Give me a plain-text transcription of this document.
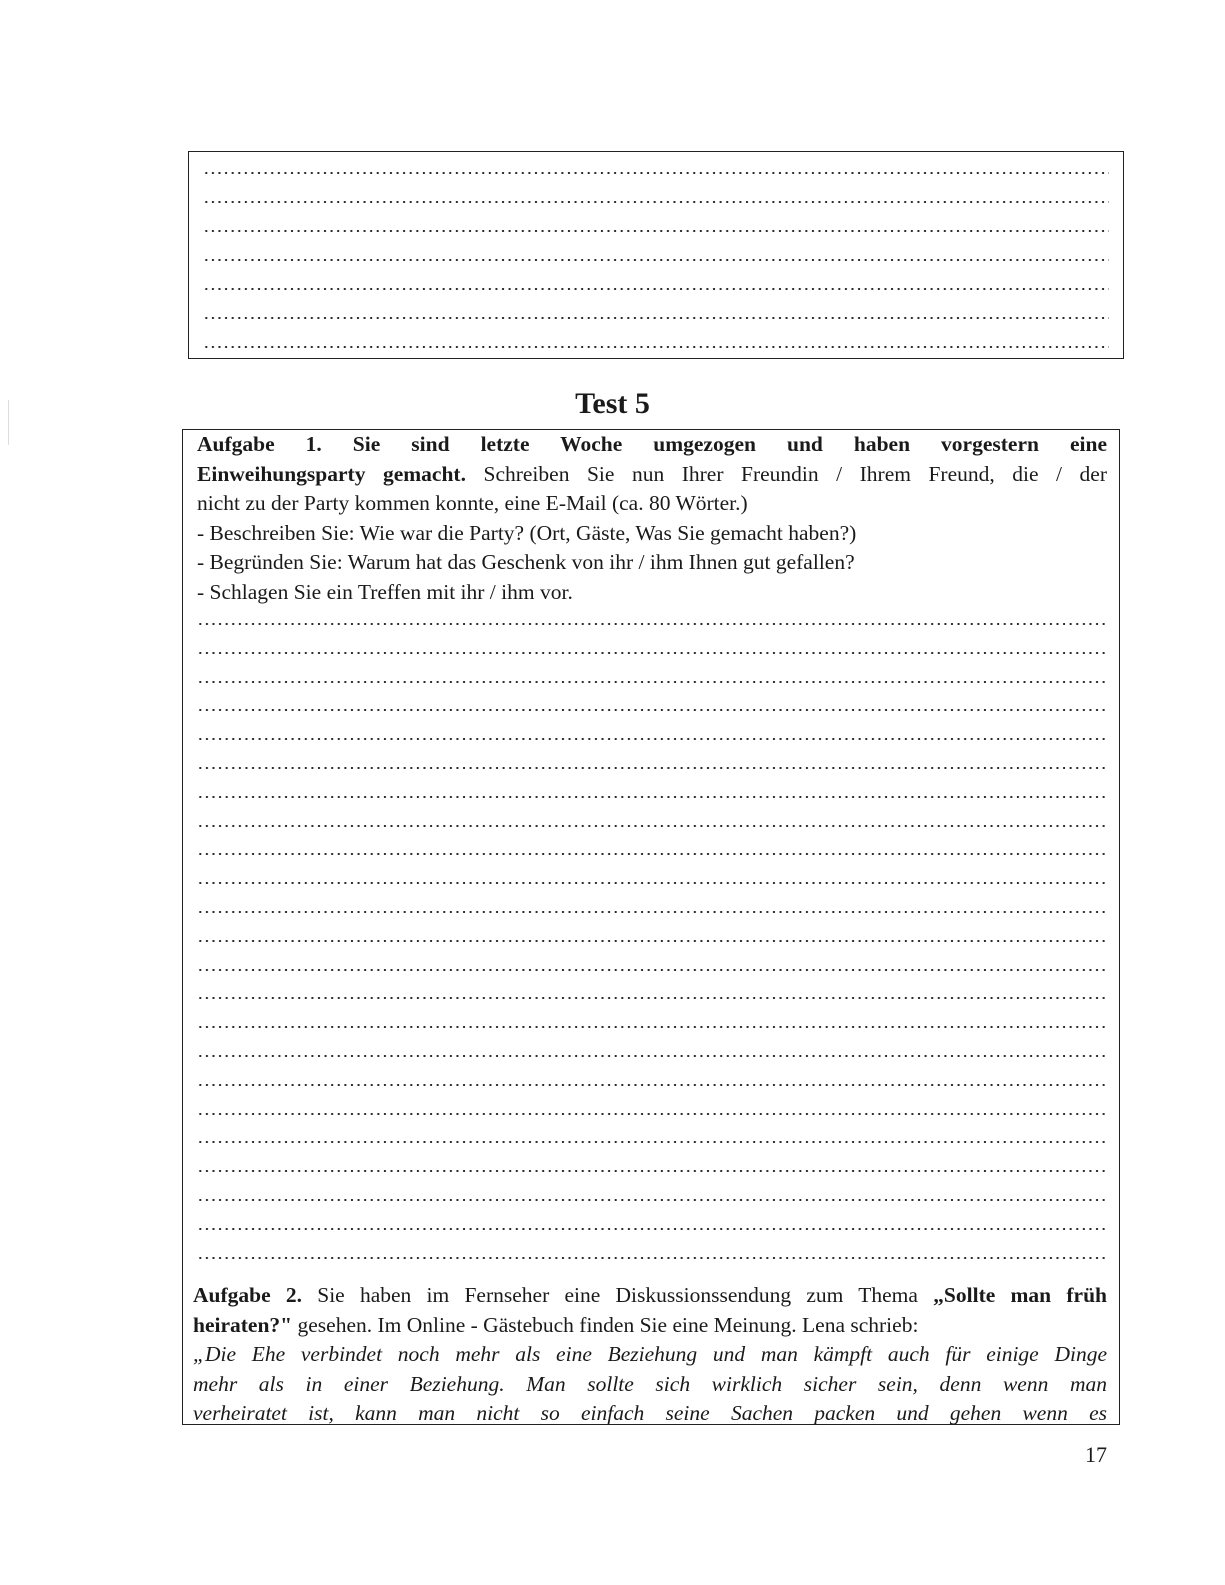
Test 5
Aufgabe 1. Sie sind letzte Woche umgezogen und haben vorgestern eine
Einweihungsparty gemacht. Schreiben Sie nun Ihrer Freundin / Ihrem Freund, die / der
nicht zu der Party kommen konnte, eine E-Mail (ca. 80 Wörter.)
- Beschreiben Sie: Wie war die Party? (Ort, Gäste, Was Sie gemacht haben?)
- Begründen Sie: Warum hat das Geschenk von ihr / ihm Ihnen gut gefallen?
- Schlagen Sie ein Treffen mit ihr / ihm vor.
Aufgabe 2. Sie haben im Fernseher eine Diskussionssendung zum Thema „Sollte man früh
heiraten?" gesehen. Im Online - Gästebuch finden Sie eine Meinung. Lena schrieb:
„Die Ehe verbindet noch mehr als eine Beziehung und man kämpft auch für einige Dinge
mehr als in einer Beziehung. Man sollte sich wirklich sicher sein, denn wenn man
verheiratet ist, kann man nicht so einfach seine Sachen packen und gehen wenn es

17
